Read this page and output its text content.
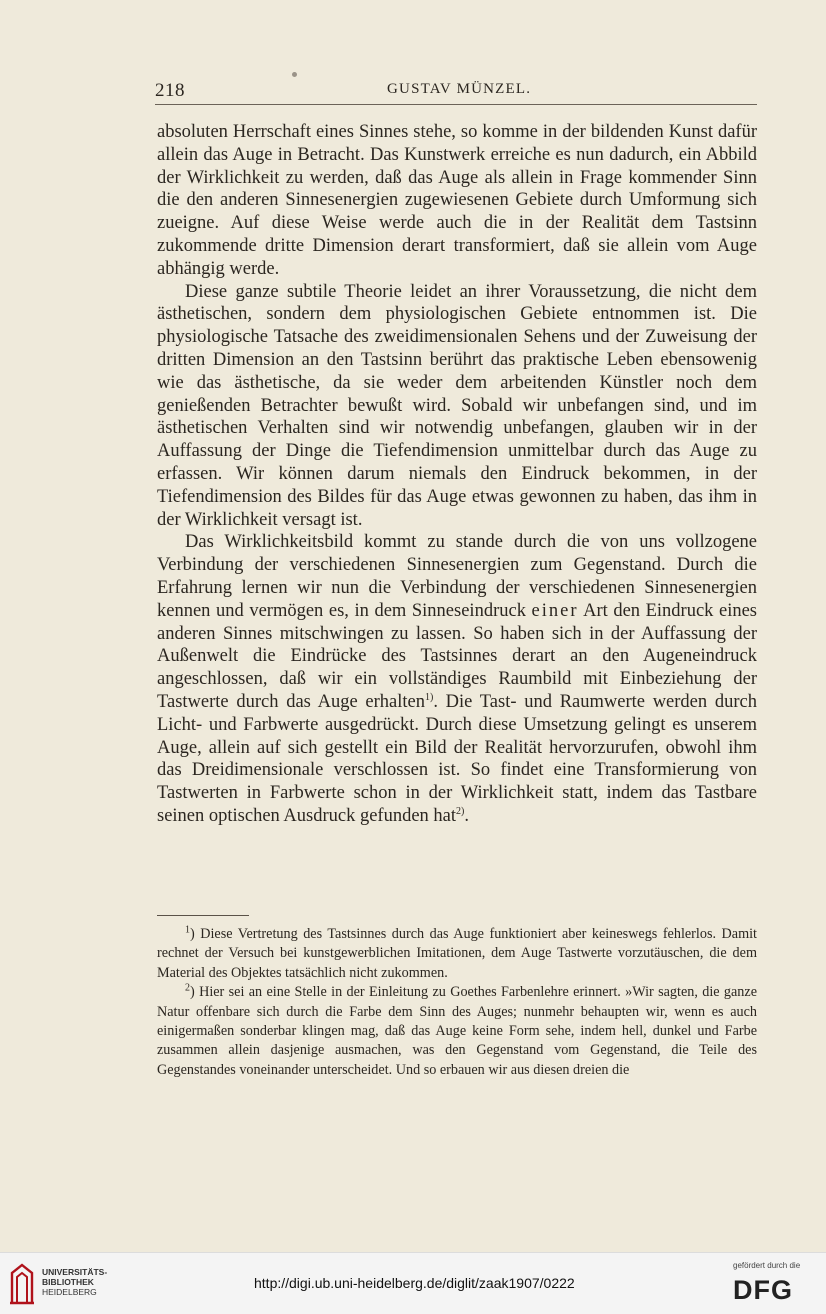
218	GUSTAV MÜNZEL.

absoluten Herrschaft eines Sinnes stehe, so komme in der bildenden Kunst dafür allein das Auge in Betracht. Das Kunstwerk erreiche es nun dadurch, ein Abbild der Wirklichkeit zu werden, daß das Auge als allein in Frage kommender Sinn die den anderen Sinnesenergien zugewiesenen Gebiete durch Umformung sich zueigne. Auf diese Weise werde auch die in der Realität dem Tastsinn zukommende dritte Dimension derart transformiert, daß sie allein vom Auge abhängig werde.

Diese ganze subtile Theorie leidet an ihrer Voraussetzung, die nicht dem ästhetischen, sondern dem physiologischen Gebiete entnommen ist. Die physiologische Tatsache des zweidimensionalen Sehens und der Zuweisung der dritten Dimension an den Tastsinn berührt das praktische Leben ebensowenig wie das ästhetische, da sie weder dem arbeitenden Künstler noch dem genießenden Betrachter bewußt wird. Sobald wir unbefangen sind, und im ästhetischen Verhalten sind wir notwendig unbefangen, glauben wir in der Auffassung der Dinge die Tiefendimension unmittelbar durch das Auge zu erfassen. Wir können darum niemals den Eindruck bekommen, in der Tiefendimension des Bildes für das Auge etwas gewonnen zu haben, das ihm in der Wirklichkeit versagt ist.

Das Wirklichkeitsbild kommt zu stande durch die von uns vollzogene Verbindung der verschiedenen Sinnesenergien zum Gegenstand. Durch die Erfahrung lernen wir nun die Verbindung der verschiedenen Sinnesenergien kennen und vermögen es, in dem Sinneseindruck einer Art den Eindruck eines anderen Sinnes mitschwingen zu lassen. So haben sich in der Auffassung der Außenwelt die Eindrücke des Tastsinnes derart an den Augeneindruck angeschlossen, daß wir ein vollständiges Raumbild mit Einbeziehung der Tastwerte durch das Auge erhalten$^{1)}$. Die Tast- und Raumwerte werden durch Licht- und Farbwerte ausgedrückt. Durch diese Umsetzung gelingt es unserem Auge, allein auf sich gestellt ein Bild der Realität hervorzurufen, obwohl ihm das Dreidimensionale verschlossen ist. So findet eine Transformierung von Tastwerten in Farbwerte schon in der Wirklichkeit statt, indem das Tastbare seinen optischen Ausdruck gefunden hat$^{2)}$.

$^1$) Diese Vertretung des Tastsinnes durch das Auge funktioniert aber keineswegs fehlerlos. Damit rechnet der Versuch bei kunstgewerblichen Imitationen, dem Auge Tastwerte vorzutäuschen, die dem Material des Objektes tatsächlich nicht zukommen.

$^2$) Hier sei an eine Stelle in der Einleitung zu Goethes Farbenlehre erinnert. »Wir sagten, die ganze Natur offenbare sich durch die Farbe dem Sinn des Auges; nunmehr behaupten wir, wenn es auch einigermaßen sonderbar klingen mag, daß das Auge keine Form sehe, indem hell, dunkel und Farbe zusammen allein dasjenige ausmachen, was den Gegenstand vom Gegenstand, die Teile des Gegenstandes voneinander unterscheidet. Und so erbauen wir aus diesen dreien die

UNIVERSITÄTS-
BIBLIOTHEK
HEIDELBERG
http://digi.ub.uni-heidelberg.de/diglit/zaak1907/0222
gefördert durch die
DFG
